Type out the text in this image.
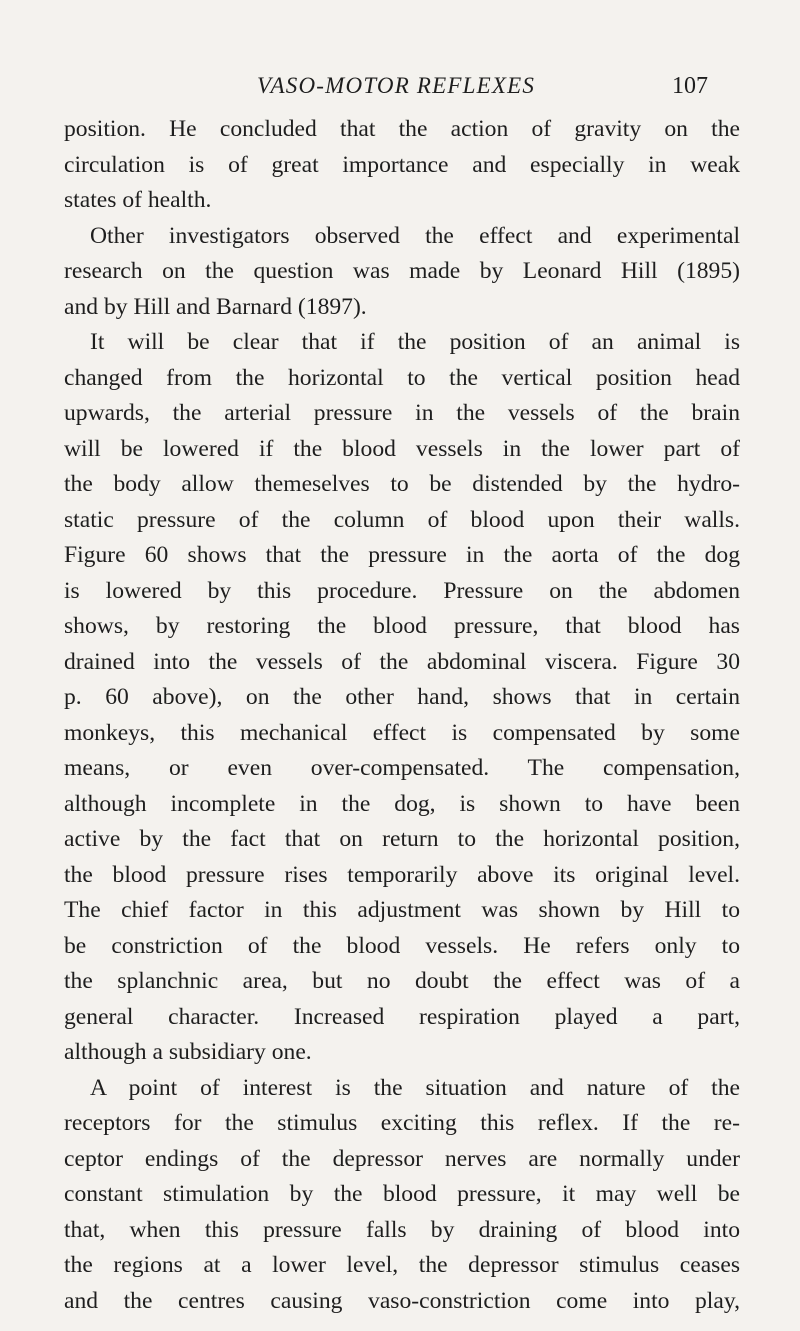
VASO-MOTOR REFLEXES	107
position. He concluded that the action of gravity on the
circulation is of great importance and especially in weak
states of health.
Other investigators observed the effect and experimental
research on the question was made by Leonard Hill (1895)
and by Hill and Barnard (1897).
It will be clear that if the position of an animal is
changed from the horizontal to the vertical position head
upwards, the arterial pressure in the vessels of the brain
will be lowered if the blood vessels in the lower part of
the body allow themeselves to be distended by the hydro-
static pressure of the column of blood upon their walls.
Figure 60 shows that the pressure in the aorta of the dog
is lowered by this procedure. Pressure on the abdomen
shows, by restoring the blood pressure, that blood has
drained into the vessels of the abdominal viscera. Figure 30
p. 60 above), on the other hand, shows that in certain
monkeys, this mechanical effect is compensated by some
means, or even over-compensated. The compensation,
although incomplete in the dog, is shown to have been
active by the fact that on return to the horizontal position,
the blood pressure rises temporarily above its original level.
The chief factor in this adjustment was shown by Hill to
be constriction of the blood vessels. He refers only to
the splanchnic area, but no doubt the effect was of a
general character. Increased respiration played a part,
although a subsidiary one.
A point of interest is the situation and nature of the
receptors for the stimulus exciting this reflex. If the re-
ceptor endings of the depressor nerves are normally under
constant stimulation by the blood pressure, it may well be
that, when this pressure falls by draining of blood into
the regions at a lower level, the depressor stimulus ceases
and the centres causing vaso-constriction come into play,
